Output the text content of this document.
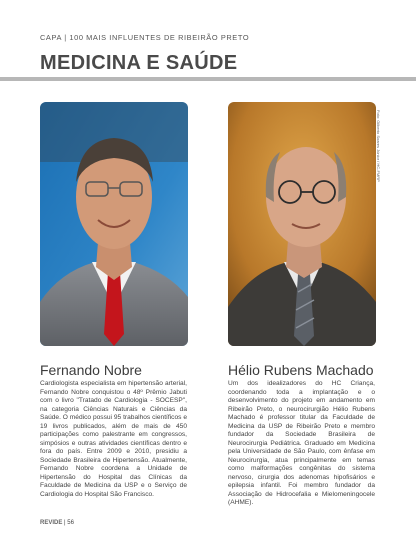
CAPA | 100 MAIS INFLUENTES DE RIBEIRÃO PRETO
MEDICINA E SAÚDE
Foto: Gilberto Soares Júnior / HC-FMRP
Fernando Nobre

Cardiologista especialista em hipertensão arterial, Fernando Nobre conquistou o 48º Prêmio Jabuti com o livro "Tratado de Cardiologia - SOCESP", na categoria Ciências Naturais e Ciências da Saúde. O médico possui 95 trabalhos científicos e 19 livros publicados, além de mais de 450 participações como palestrante em congressos, simpósios e outras atividades científicas dentro e fora do país. Entre 2009 e 2010, presidiu a Sociedade Brasileira de Hipertensão. Atualmente, Fernando Nobre coordena a Unidade de Hipertensão do Hospital das Clínicas da Faculdade de Medicina da USP e o Serviço de Cardiologia do Hospital São Francisco.

Hélio Rubens Machado

Um dos idealizadores do HC Criança, coordenando toda a implantação e o desenvolvimento do projeto em andamento em Ribeirão Preto, o neurocirurgião Hélio Rubens Machado é professor titular da Faculdade de Medicina da USP de Ribeirão Preto e membro fundador da Sociedade Brasileira de Neurocirurgia Pediátrica. Graduado em Medicina pela Universidade de São Paulo, com ênfase em Neurocirurgia, atua principalmente em temas como malformações congênitas do sistema nervoso, cirurgia dos adenomas hipofisários e epilepsia infantil. Foi membro fundador da Associação de Hidrocefalia e Mielomeningocele (AHME).

REVIDE | 56
